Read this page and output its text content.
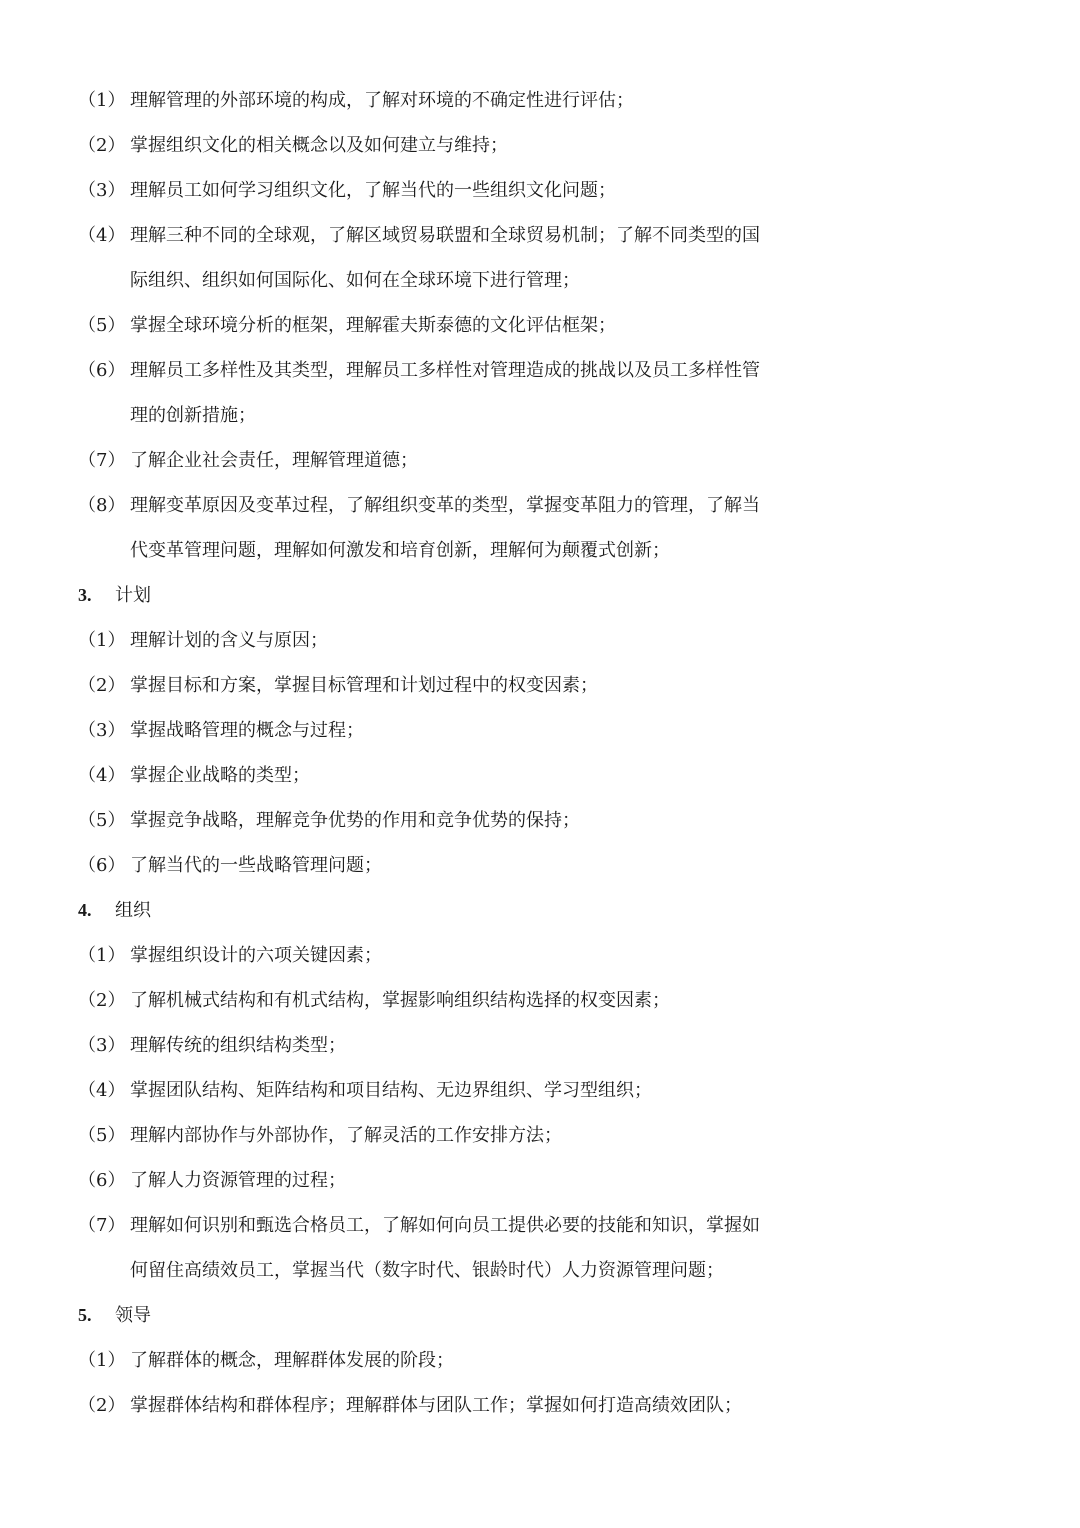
（1） 理解管理的外部环境的构成，了解对环境的不确定性进行评估；
（2） 掌握组织文化的相关概念以及如何建立与维持；
（3） 理解员工如何学习组织文化，了解当代的一些组织文化问题；
（4） 理解三种不同的全球观，了解区域贸易联盟和全球贸易机制；了解不同类型的国
际组织、组织如何国际化、如何在全球环境下进行管理；
（5） 掌握全球环境分析的框架，理解霍夫斯泰德的文化评估框架；
（6） 理解员工多样性及其类型，理解员工多样性对管理造成的挑战以及员工多样性管
理的创新措施；
（7） 了解企业社会责任，理解管理道德；
（8） 理解变革原因及变革过程，了解组织变革的类型，掌握变革阻力的管理，了解当
代变革管理问题，理解如何激发和培育创新，理解何为颠覆式创新；
3.	计划
（1） 理解计划的含义与原因；
（2） 掌握目标和方案，掌握目标管理和计划过程中的权变因素；
（3） 掌握战略管理的概念与过程；
（4） 掌握企业战略的类型；
（5） 掌握竞争战略，理解竞争优势的作用和竞争优势的保持；
（6） 了解当代的一些战略管理问题；
4.	组织
（1） 掌握组织设计的六项关键因素；
（2） 了解机械式结构和有机式结构，掌握影响组织结构选择的权变因素；
（3） 理解传统的组织结构类型；
（4） 掌握团队结构、矩阵结构和项目结构、无边界组织、学习型组织；
（5） 理解内部协作与外部协作，了解灵活的工作安排方法；
（6） 了解人力资源管理的过程；
（7） 理解如何识别和甄选合格员工，了解如何向员工提供必要的技能和知识，掌握如
何留住高绩效员工，掌握当代（数字时代、银龄时代）人力资源管理问题；
5.	领导
（1） 了解群体的概念，理解群体发展的阶段；
（2） 掌握群体结构和群体程序；理解群体与团队工作；掌握如何打造高绩效团队；
